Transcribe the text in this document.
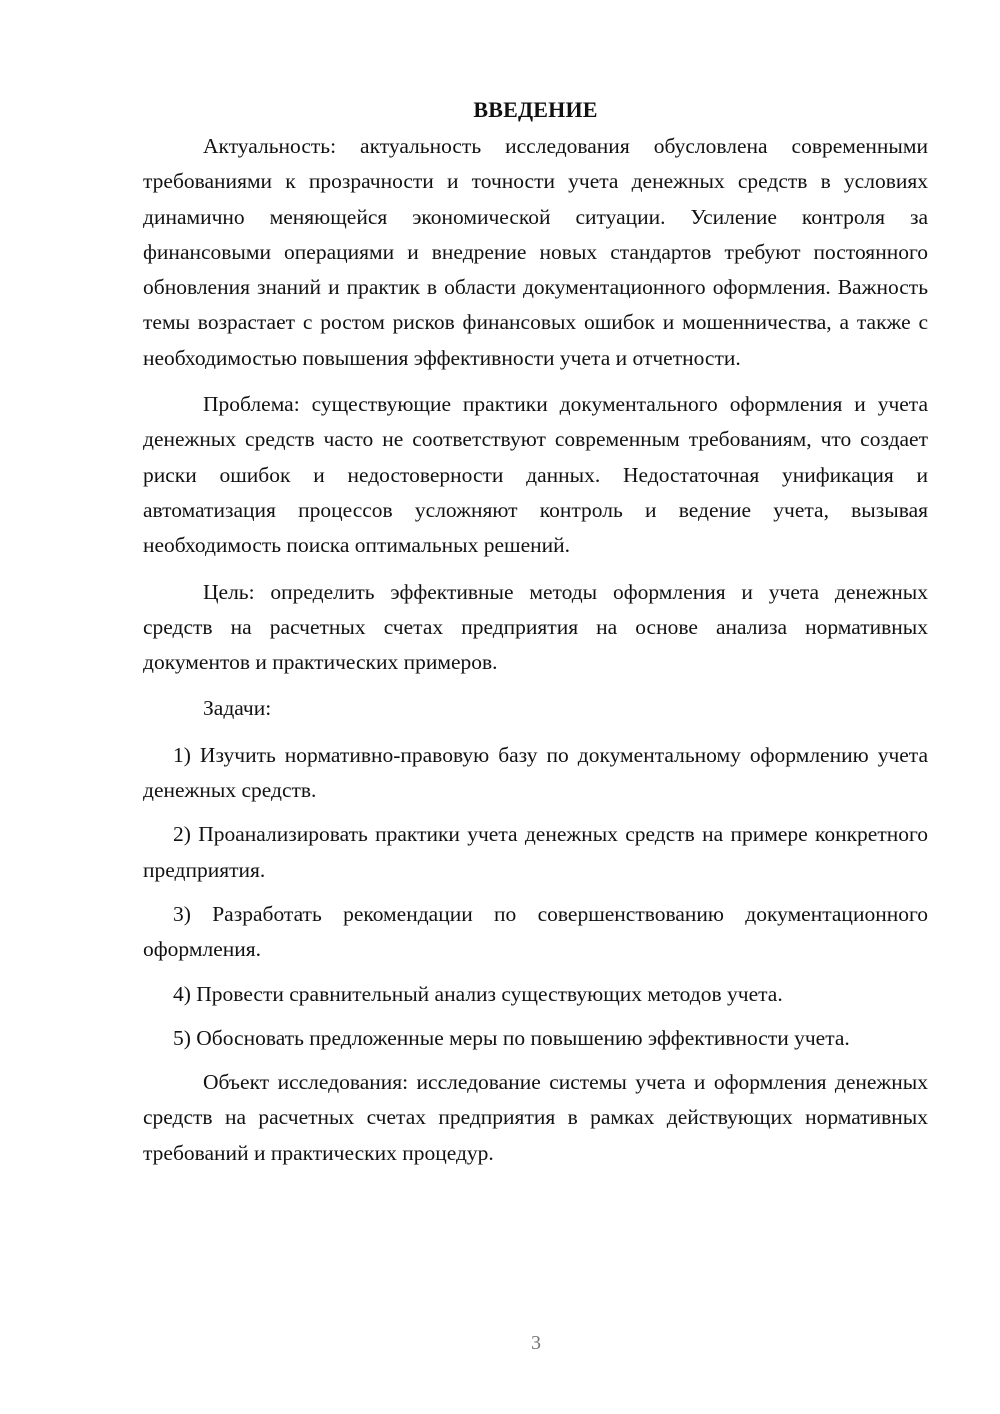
ВВЕДЕНИЕ

Актуальность: актуальность исследования обусловлена современными требованиями к прозрачности и точности учета денежных средств в условиях динамично меняющейся экономической ситуации. Усиление контроля за финансовыми операциями и внедрение новых стандартов требуют постоянного обновления знаний и практик в области документационного оформления. Важность темы возрастает с ростом рисков финансовых ошибок и мошенничества, а также с необходимостью повышения эффективности учета и отчетности.

Проблема: существующие практики документального оформления и учета денежных средств часто не соответствуют современным требованиям, что создает риски ошибок и недостоверности данных. Недостаточная унификация и автоматизация процессов усложняют контроль и ведение учета, вызывая необходимость поиска оптимальных решений.

Цель: определить эффективные методы оформления и учета денежных средств на расчетных счетах предприятия на основе анализа нормативных документов и практических примеров.

Задачи:

1) Изучить нормативно-правовую базу по документальному оформлению учета денежных средств.

2) Проанализировать практики учета денежных средств на примере конкретного предприятия.

3) Разработать рекомендации по совершенствованию документационного оформления.

4) Провести сравнительный анализ существующих методов учета.

5) Обосновать предложенные меры по повышению эффективности учета.

Объект исследования: исследование системы учета и оформления денежных средств на расчетных счетах предприятия в рамках действующих нормативных требований и практических процедур.

3
